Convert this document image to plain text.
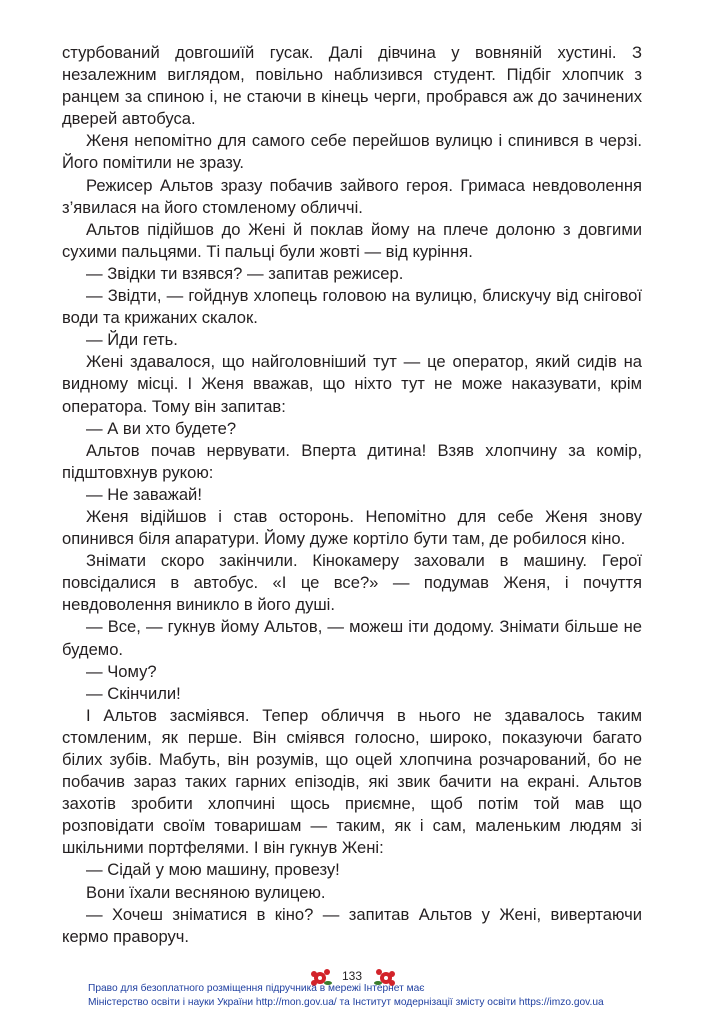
стурбований довгошиїй гусак. Далі дівчина у вовняній хустині. З незалежним виглядом, повільно наблизився студент. Підбіг хлопчик з ранцем за спиною і, не стаючи в кінець черги, пробрався аж до зачинених дверей автобуса.

Женя непомітно для самого себе перейшов вулицю і спинився в черзі. Його помітили не зразу.

Режисер Альтов зразу побачив зайвого героя. Гримаса невдоволення з’явилася на його стомленому обличчі.

Альтов підійшов до Жені й поклав йому на плече долоню з довгими сухими пальцями. Ті пальці були жовті — від куріння.

— Звідки ти взявся? — запитав режисер.

— Звідти, — гойднув хлопець головою на вулицю, блискучу від снігової води та крижаних скалок.

— Йди геть.

Жені здавалося, що найголовніший тут — це оператор, який сидів на видному місці. І Женя вважав, що ніхто тут не може наказувати, крім оператора. Тому він запитав:

— А ви хто будете?

Альтов почав нервувати. Вперта дитина! Взяв хлопчину за комір, підштовхнув рукою:

— Не заважай!

Женя відійшов і став осторонь. Непомітно для себе Женя знову опинився біля апаратури. Йому дуже кортіло бути там, де робилося кіно.

Знімати скоро закінчили. Кінокамеру заховали в машину. Герої повсідалися в автобус. «І це все?» — подумав Женя, і почуття невдоволення виникло в його душі.

— Все, — гукнув йому Альтов, — можеш іти додому. Знімати більше не будемо.

— Чому?

— Скінчили!

І Альтов засміявся. Тепер обличчя в нього не здавалось таким стомленим, як перше. Він сміявся голосно, широко, показуючи багато білих зубів. Мабуть, він розумів, що оцей хлопчина розчарований, бо не побачив зараз таких гарних епізодів, які звик бачити на екрані. Альтов захотів зробити хлопчині щось приємне, щоб потім той мав що розповідати своїм товаришам — таким, як і сам, маленьким людям зі шкільними портфелями. І він гукнув Жені:

— Сідай у мою машину, провезу!

Вони їхали весняною вулицею.

— Хочеш зніматися в кіно? — запитав Альтов у Жені, вивертаючи кермо праворуч.

133
Право для безоплатного розміщення підручника в мережі Інтернет має
Міністерство освіти і науки України http://mon.gov.ua/ та Інститут модернізації змісту освіти https://imzo.gov.ua
